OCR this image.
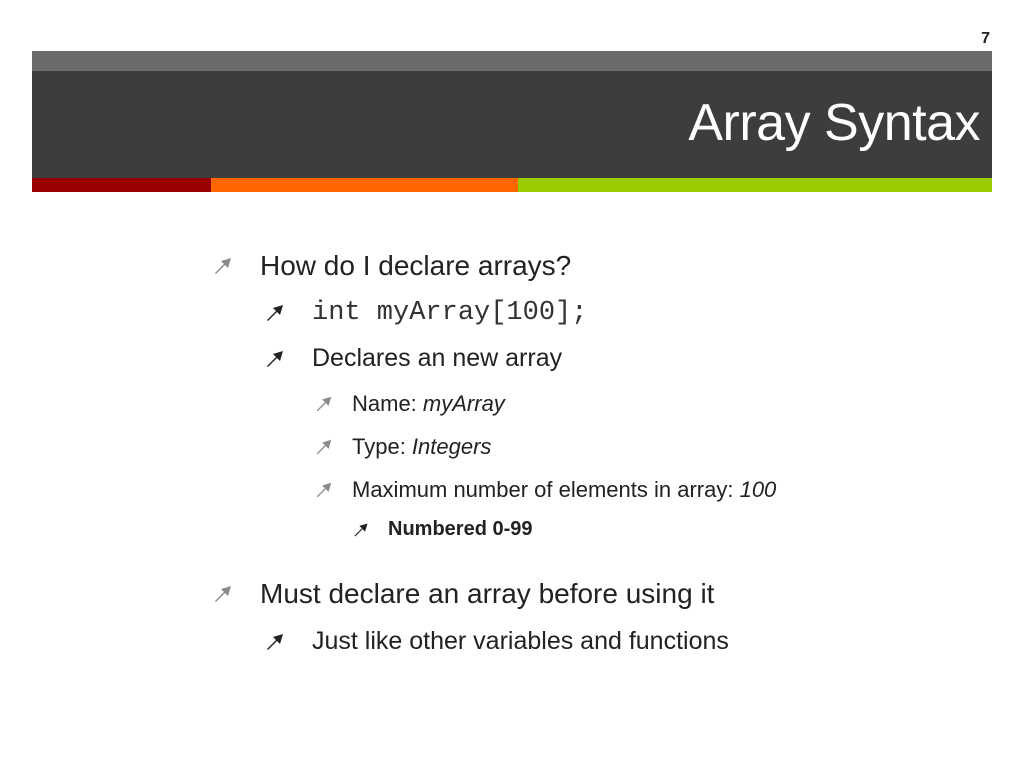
7
Array Syntax
How do I declare arrays?
int myArray[100];
Declares an new array
Name: myArray
Type: Integers
Maximum number of elements in array: 100
Numbered 0-99
Must declare an array before using it
Just like other variables and functions
